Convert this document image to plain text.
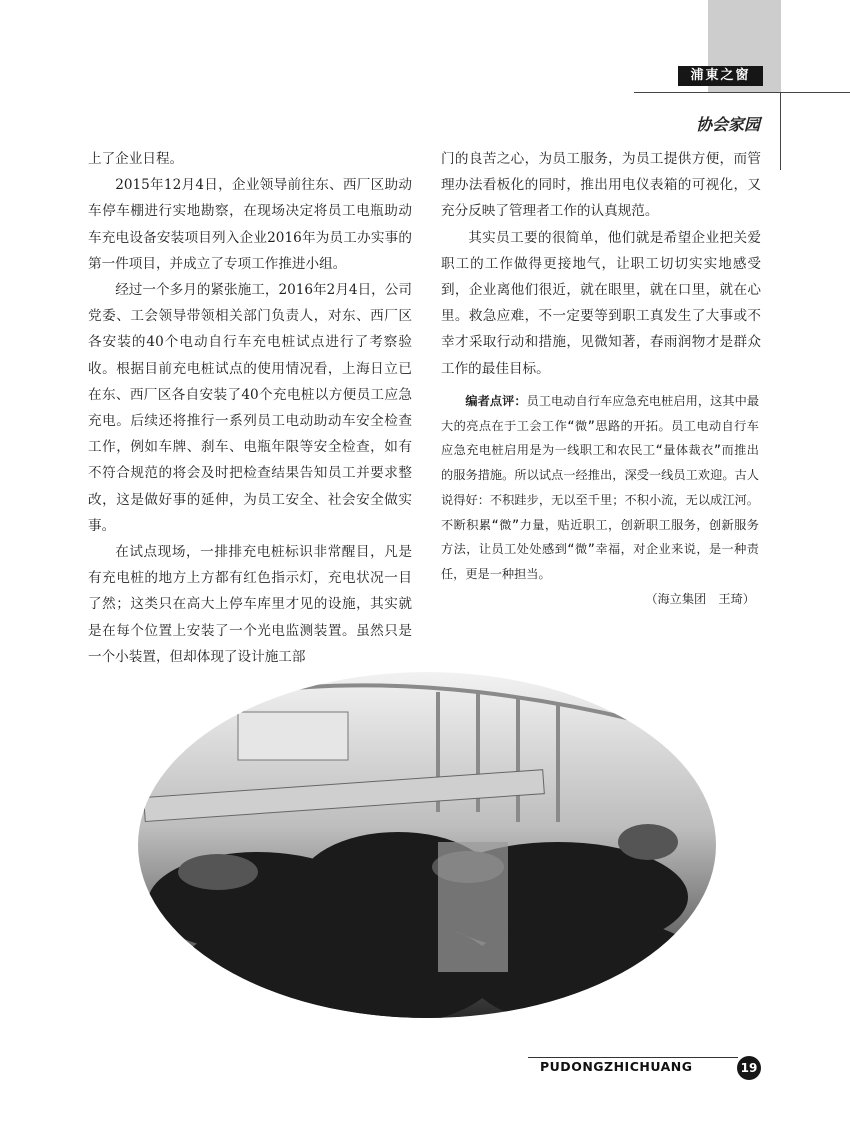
浦東之窗
协会家园

上了企业日程。

2015年12月4日，企业领导前往东、西厂区助动车停车棚进行实地勘察，在现场决定将员工电瓶助动车充电设备安装项目列入企业2016年为员工办实事的第一件项目，并成立了专项工作推进小组。

经过一个多月的紧张施工，2016年2月4日，公司党委、工会领导带领相关部门负责人，对东、西厂区各安装的40个电动自行车充电桩试点进行了考察验收。根据目前充电桩试点的使用情况看，上海日立已在东、西厂区各自安装了40个充电桩以方便员工应急充电。后续还将推行一系列员工电动助动车安全检查工作，例如车牌、刹车、电瓶年限等安全检查，如有不符合规范的将会及时把检查结果告知员工并要求整改，这是做好事的延伸，为员工安全、社会安全做实事。

在试点现场，一排排充电桩标识非常醒目，凡是有充电桩的地方上方都有红色指示灯，充电状况一目了然；这类只在高大上停车库里才见的设施，其实就是在每个位置上安装了一个光电监测装置。虽然只是一个小装置，但却体现了设计施工部

门的良苦之心，为员工服务，为员工提供方便，而管理办法看板化的同时，推出用电仪表箱的可视化，又充分反映了管理者工作的认真规范。

其实员工要的很简单，他们就是希望企业把关爱职工的工作做得更接地气，让职工切切实实地感受到，企业离他们很近，就在眼里，就在口里，就在心里。救急应难，不一定要等到职工真发生了大事或不幸才采取行动和措施，见微知著，春雨润物才是群众工作的最佳目标。

编者点评：员工电动自行车应急充电桩启用，这其中最大的亮点在于工会工作“微”思路的开拓。员工电动自行车应急充电桩启用是为一线职工和农民工“量体裁衣”而推出的服务措施。所以试点一经推出，深受一线员工欢迎。古人说得好：不积跬步，无以至千里；不积小流，无以成江河。不断积累“微”力量，贴近职工，创新职工服务，创新服务方法，让员工处处感到“微”幸福，对企业来说，是一种责任，更是一种担当。

（海立集团　王琦）
PUDONGZHICHUANG	19
